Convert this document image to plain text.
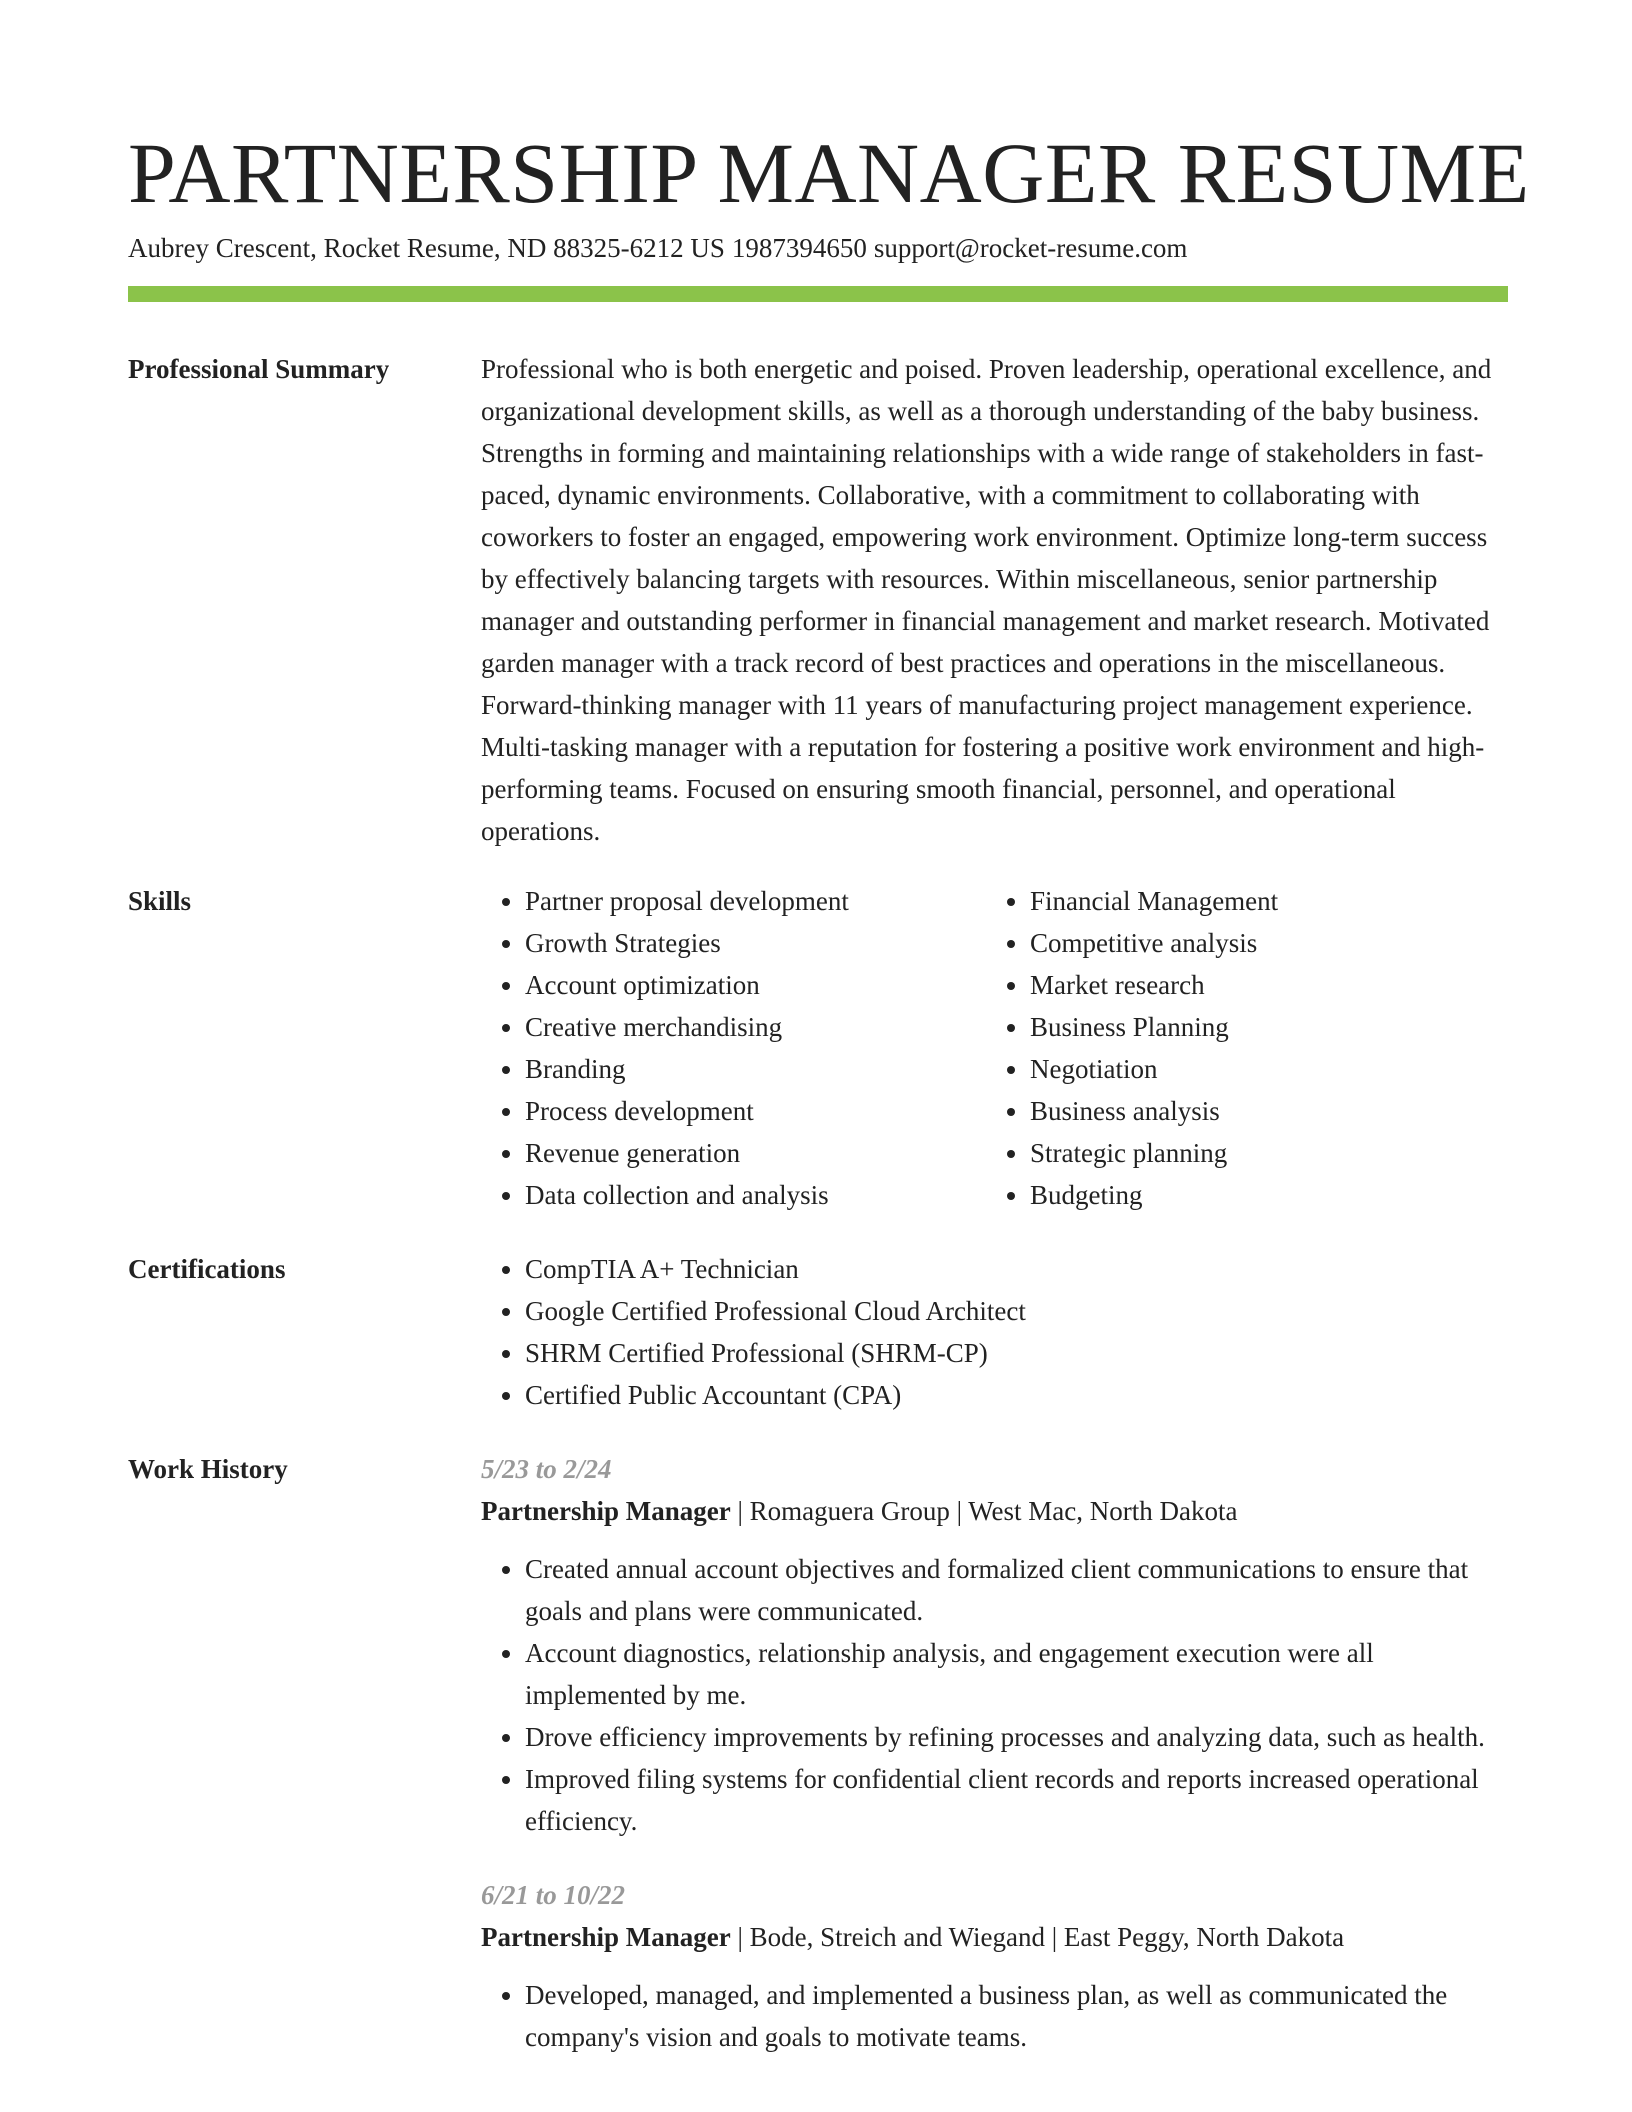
PARTNERSHIP MANAGER RESUME
Aubrey Crescent, Rocket Resume, ND 88325-6212 US 1987394650 support@rocket-resume.com
Professional Summary	Professional who is both energetic and poised. Proven leadership, operational excellence, and organizational development skills, as well as a thorough understanding of the baby business. Strengths in forming and maintaining relationships with a wide range of stakeholders in fast-paced, dynamic environments. Collaborative, with a commitment to collaborating with coworkers to foster an engaged, empowering work environment. Optimize long-term success by effectively balancing targets with resources. Within miscellaneous, senior partnership manager and outstanding performer in financial management and market research. Motivated garden manager with a track record of best practices and operations in the miscellaneous. Forward-thinking manager with 11 years of manufacturing project management experience. Multi-tasking manager with a reputation for fostering a positive work environment and high-performing teams. Focused on ensuring smooth financial, personnel, and operational operations.

Skills	• Partner proposal development
• Growth Strategies
• Account optimization
• Creative merchandising
• Branding
• Process development
• Revenue generation
• Data collection and analysis
• Financial Management
• Competitive analysis
• Market research
• Business Planning
• Negotiation
• Business analysis
• Strategic planning
• Budgeting
Certifications	• CompTIA A+ Technician
• Google Certified Professional Cloud Architect
• SHRM Certified Professional (SHRM-CP)
• Certified Public Accountant (CPA)
Work History	5/23 to 2/24
Partnership Manager | Romaguera Group | West Mac, North Dakota
• Created annual account objectives and formalized client communications to ensure that goals and plans were communicated.
• Account diagnostics, relationship analysis, and engagement execution were all implemented by me.
• Drove efficiency improvements by refining processes and analyzing data, such as health.
• Improved filing systems for confidential client records and reports increased operational efficiency.
6/21 to 10/22
Partnership Manager | Bode, Streich and Wiegand | East Peggy, North Dakota
• Developed, managed, and implemented a business plan, as well as communicated the company's vision and goals to motivate teams.
